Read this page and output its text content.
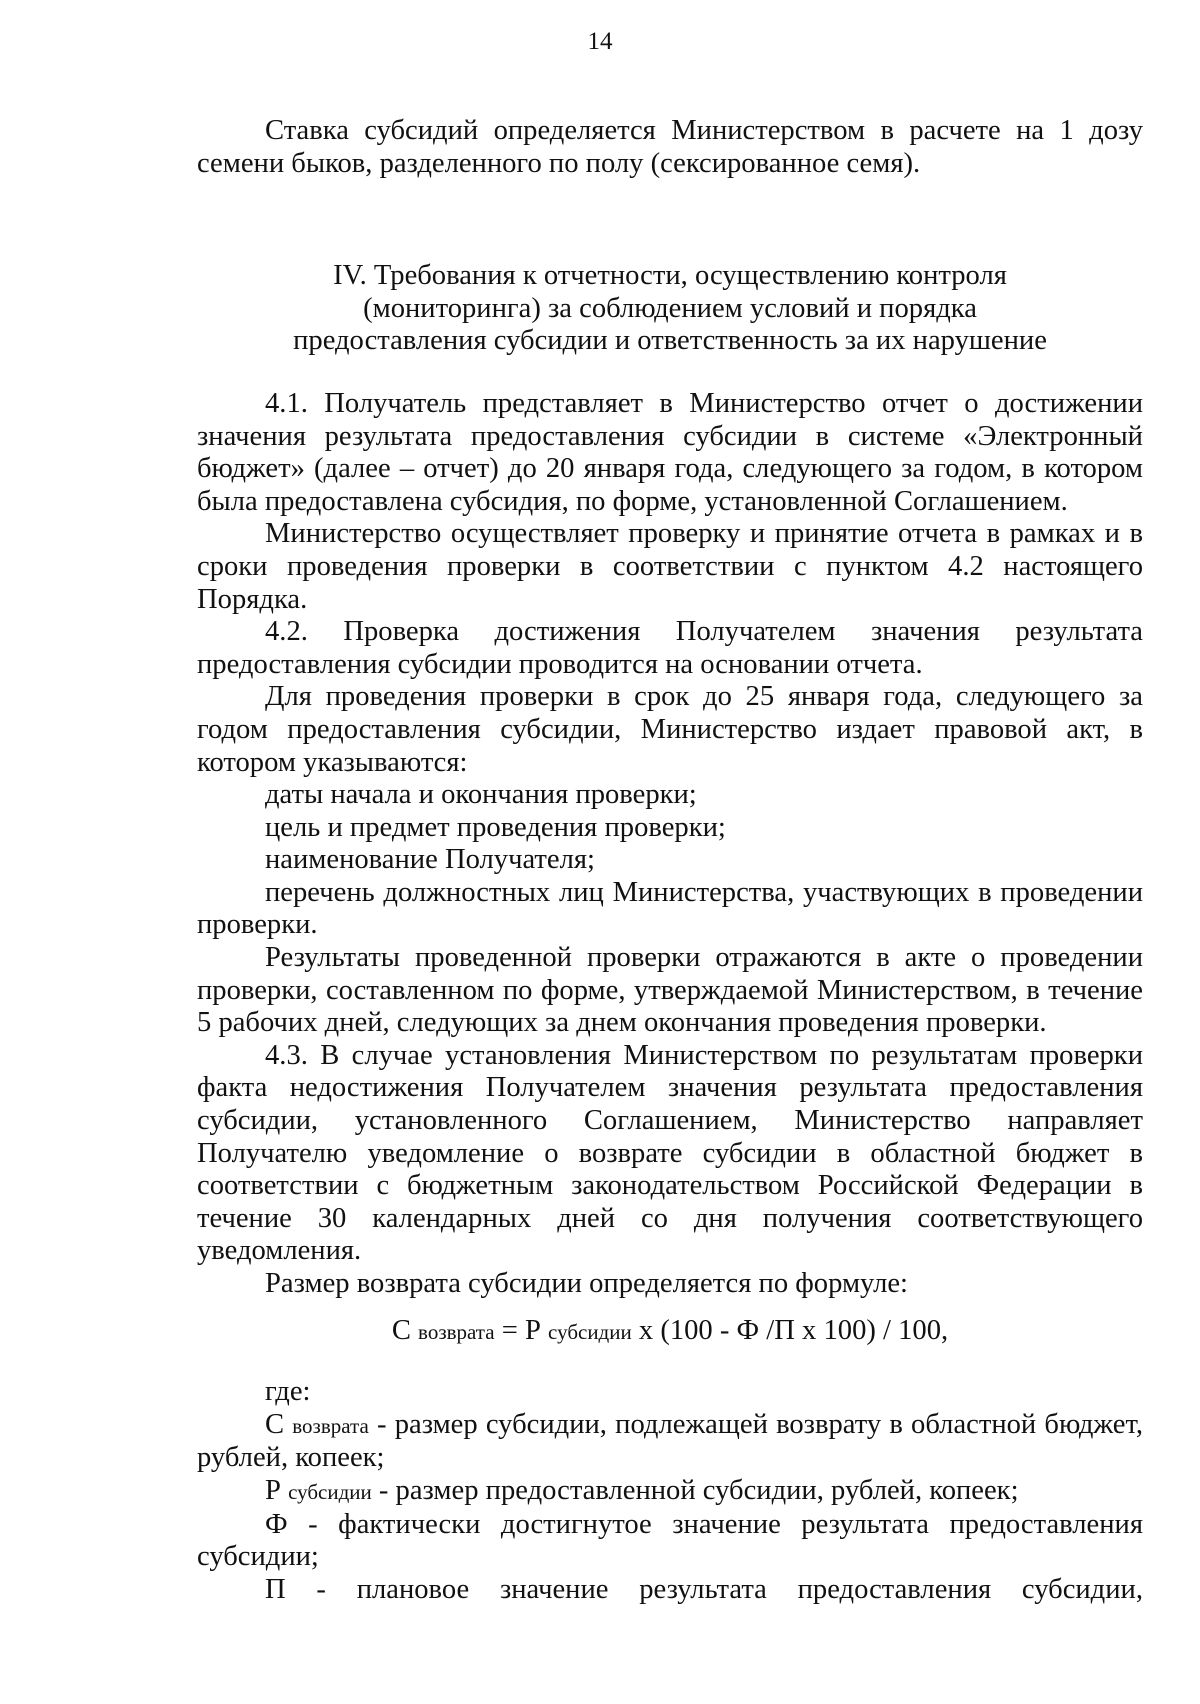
14

Ставка субсидий определяется Министерством в расчете на 1 дозу

семени быков, разделенного по полу (сексированное семя).

IV. Требования к отчетности, осуществлению контроля

(мониторинга) за соблюдением условий и порядка

предоставления субсидии и ответственность за их нарушение

4.1. Получатель представляет в Министерство отчет о достижении значения результата предоставления субсидии в системе «Электронный бюджет» (далее – отчет) до 20 января года, следующего за годом, в котором была предоставлена субсидия, по форме, установленной Соглашением.

Министерство осуществляет проверку и принятие отчета в рамках и в сроки проведения проверки в соответствии с пунктом 4.2 настоящего Порядка.

4.2. Проверка достижения Получателем значения результата

предоставления субсидии проводится на основании отчета.

Для проведения проверки в срок до 25 января года, следующего за годом предоставления субсидии, Министерство издает правовой акт, в котором указываются:

даты начала и окончания проверки;

цель и предмет проведения проверки;

наименование Получателя;

перечень должностных лиц Министерства, участвующих в проведении проверки.

Результаты проведенной проверки отражаются в акте о проведении проверки, составленном по форме, утверждаемой Министерством, в течение 5 рабочих дней, следующих за днем окончания проведения проверки.

4.3. В случае установления Министерством по результатам проверки факта недостижения Получателем значения результата предоставления субсидии, установленного Соглашением, Министерство направляет Получателю уведомление о возврате субсидии в областной бюджет в соответствии с бюджетным законодательством Российской Федерации в течение 30 календарных дней со дня получения соответствующего уведомления.

Размер возврата субсидии определяется по формуле:

С возврата = Р субсидии х (100 - Ф /П х 100) / 100,

где:

С возврата - размер субсидии, подлежащей возврату в областной бюджет, рублей, копеек;

Р субсидии - размер предоставленной субсидии, рублей, копеек;

Ф - фактически достигнутое значение результата предоставления субсидии;

П - плановое значение результата предоставления субсидии,
